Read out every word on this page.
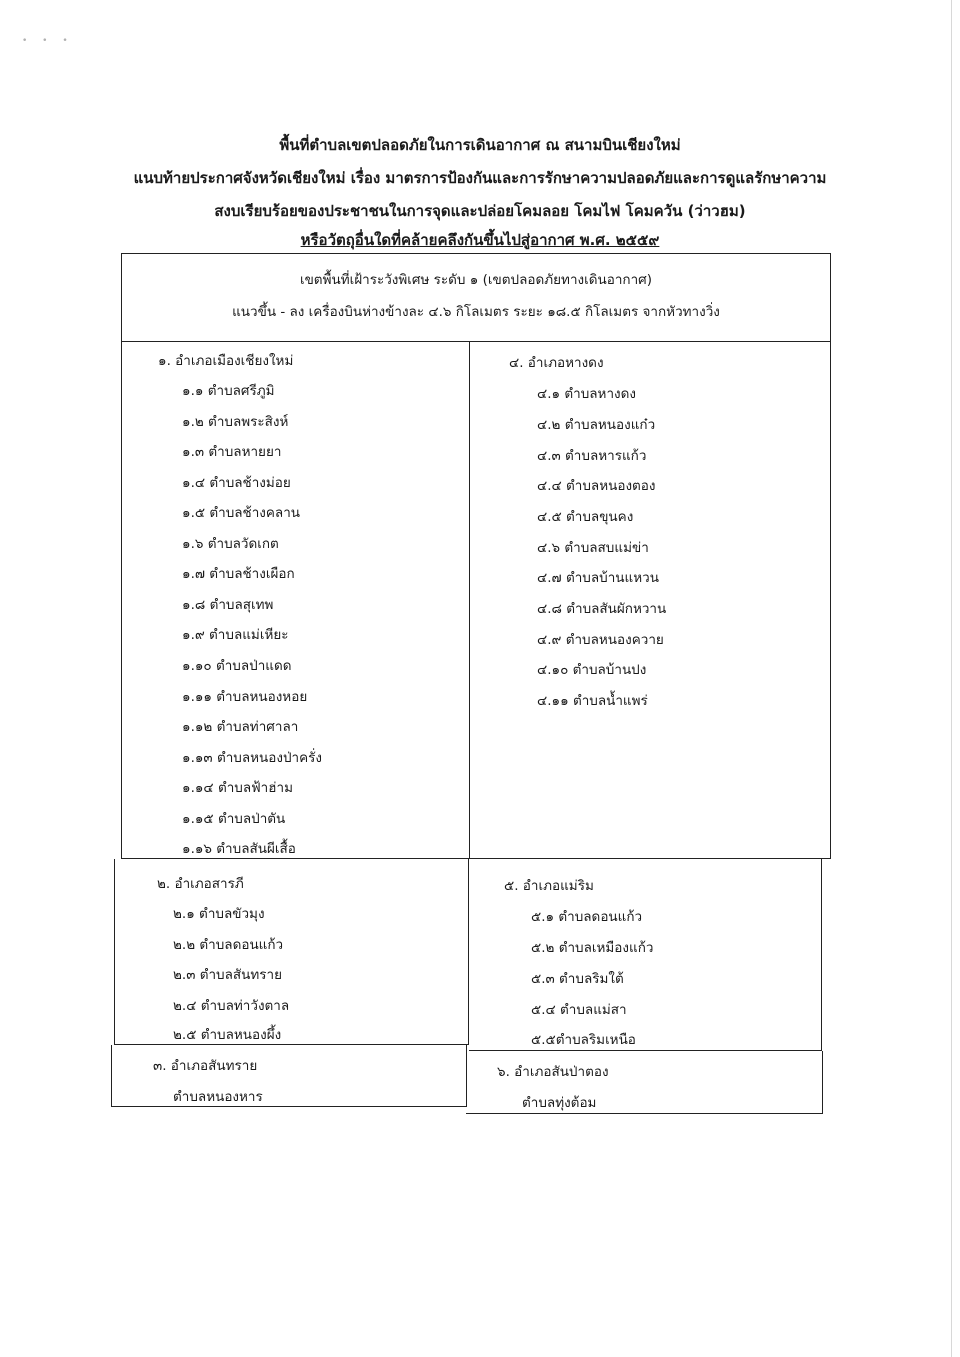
• • •
พื้นที่ตำบลเขตปลอดภัยในการเดินอากาศ ณ สนามบินเชียงใหม่
แนบท้ายประกาศจังหวัดเชียงใหม่ เรื่อง มาตรการป้องกันและการรักษาความปลอดภัยและการดูแลรักษาความ
สงบเรียบร้อยของประชาชนในการจุดและปล่อยโคมลอย โคมไฟ โคมควัน (ว่าวฮม)
หรือวัตถุอื่นใดที่คล้ายคลึงกันขึ้นไปสู่อากาศ พ.ศ. ๒๕๕๙
เขตพื้นที่เฝ้าระวังพิเศษ ระดับ ๑ (เขตปลอดภัยทางเดินอากาศ)
แนวขึ้น - ลง เครื่องบินห่างข้างละ ๔.๖ กิโลเมตร ระยะ ๑๘.๕ กิโลเมตร จากหัวทางวิ่ง
๑. อำเภอเมืองเชียงใหม่
๑.๑ ตำบลศรีภูมิ
๑.๒ ตำบลพระสิงห์
๑.๓ ตำบลหายยา
๑.๔ ตำบลช้างม่อย
๑.๕ ตำบลช้างคลาน
๑.๖ ตำบลวัดเกต
๑.๗ ตำบลช้างเผือก
๑.๘ ตำบลสุเทพ
๑.๙ ตำบลแม่เหียะ
๑.๑๐ ตำบลป่าแดด
๑.๑๑ ตำบลหนองหอย
๑.๑๒ ตำบลท่าศาลา
๑.๑๓ ตำบลหนองป่าครั่ง
๑.๑๔ ตำบลฟ้าฮ่าม
๑.๑๕ ตำบลป่าตัน
๑.๑๖ ตำบลสันผีเสื้อ
๔. อำเภอหางดง
๔.๑ ตำบลหางดง
๔.๒ ตำบลหนองแก๋ว
๔.๓ ตำบลหารแก้ว
๔.๔ ตำบลหนองตอง
๔.๕ ตำบลขุนคง
๔.๖ ตำบลสบแม่ข่า
๔.๗ ตำบลบ้านแหวน
๔.๘ ตำบลสันผักหวาน
๔.๙ ตำบลหนองควาย
๔.๑๐ ตำบลบ้านปง
๔.๑๑ ตำบลน้ำแพร่
๒. อำเภอสารภี
๒.๑ ตำบลขัวมุง
๒.๒ ตำบลดอนแก้ว
๒.๓ ตำบลสันทราย
๒.๔ ตำบลท่าวังตาล
๒.๕ ตำบลหนองผึ้ง
๕. อำเภอแม่ริม
๕.๑ ตำบลดอนแก้ว
๕.๒ ตำบลเหมืองแก้ว
๕.๓ ตำบลริมใต้
๕.๔ ตำบลแม่สา
๕.๕ตำบลริมเหนือ
๓. อำเภอสันทราย
ตำบลหนองหาร
๖. อำเภอสันป่าตอง
ตำบลทุ่งต้อม
